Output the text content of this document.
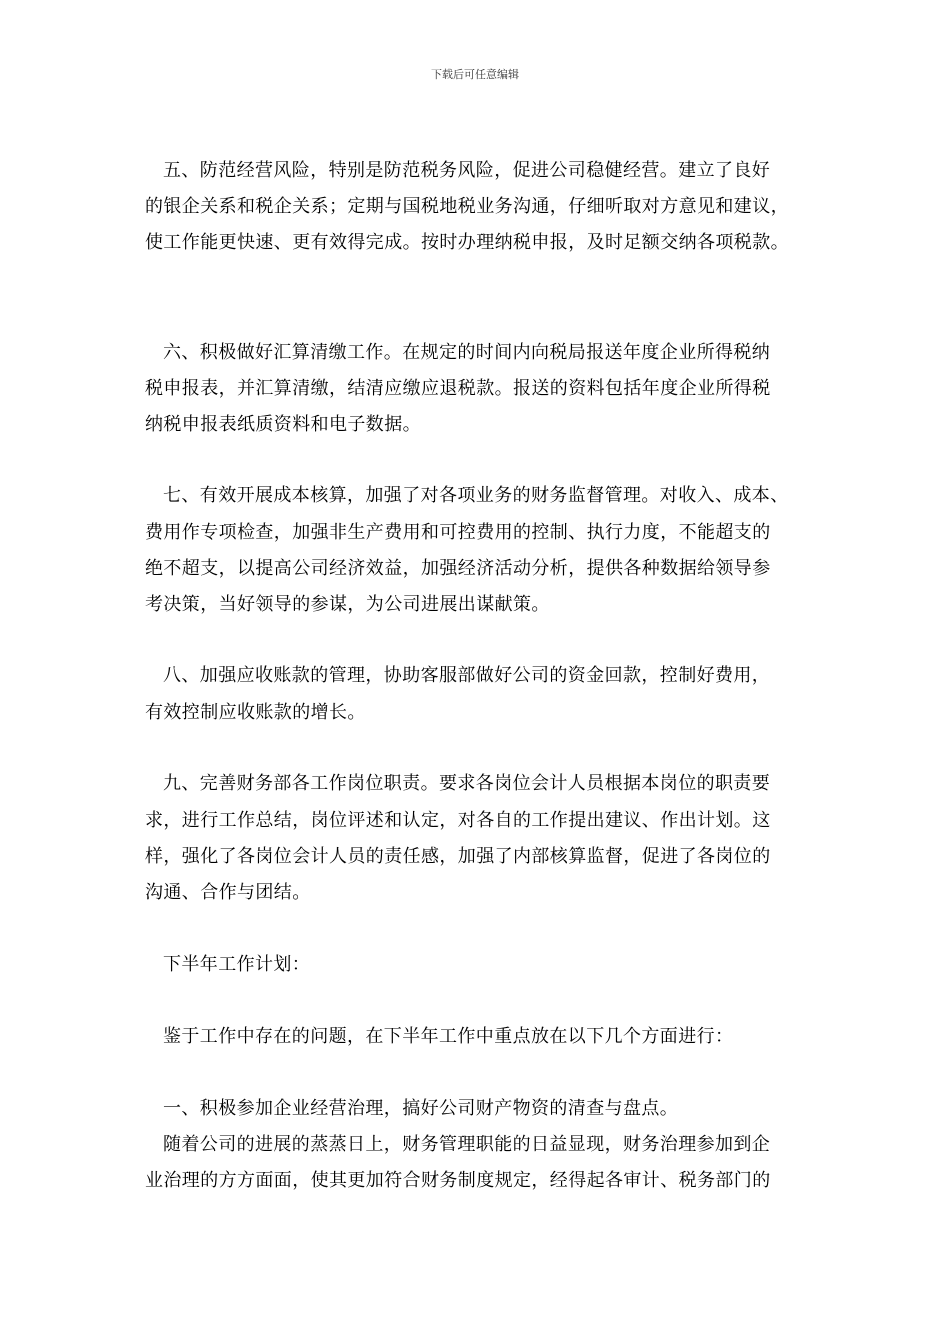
下载后可任意编辑
五、防范经营风险，特别是防范税务风险，促进公司稳健经营。建立了良好
的银企关系和税企关系；定期与国税地税业务沟通，仔细听取对方意见和建议，
使工作能更快速、更有效得完成。按时办理纳税申报，及时足额交纳各项税款。
六、积极做好汇算清缴工作。在规定的时间内向税局报送年度企业所得税纳
税申报表，并汇算清缴，结清应缴应退税款。报送的资料包括年度企业所得税
纳税申报表纸质资料和电子数据。
七、有效开展成本核算，加强了对各项业务的财务监督管理。对收入、成本、
费用作专项检查，加强非生产费用和可控费用的控制、执行力度，不能超支的
绝不超支，以提高公司经济效益，加强经济活动分析，提供各种数据给领导参
考决策，当好领导的参谋，为公司进展出谋献策。
八、加强应收账款的管理，协助客服部做好公司的资金回款，控制好费用，
有效控制应收账款的增长。
九、完善财务部各工作岗位职责。要求各岗位会计人员根据本岗位的职责要
求，进行工作总结，岗位评述和认定，对各自的工作提出建议、作出计划。这
样，强化了各岗位会计人员的责任感，加强了内部核算监督，促进了各岗位的
沟通、合作与团结。
下半年工作计划：
鉴于工作中存在的问题，在下半年工作中重点放在以下几个方面进行：
一、积极参加企业经营治理，搞好公司财产物资的清查与盘点。
随着公司的进展的蒸蒸日上，财务管理职能的日益显现，财务治理参加到企
业治理的方方面面，使其更加符合财务制度规定，经得起各审计、税务部门的
